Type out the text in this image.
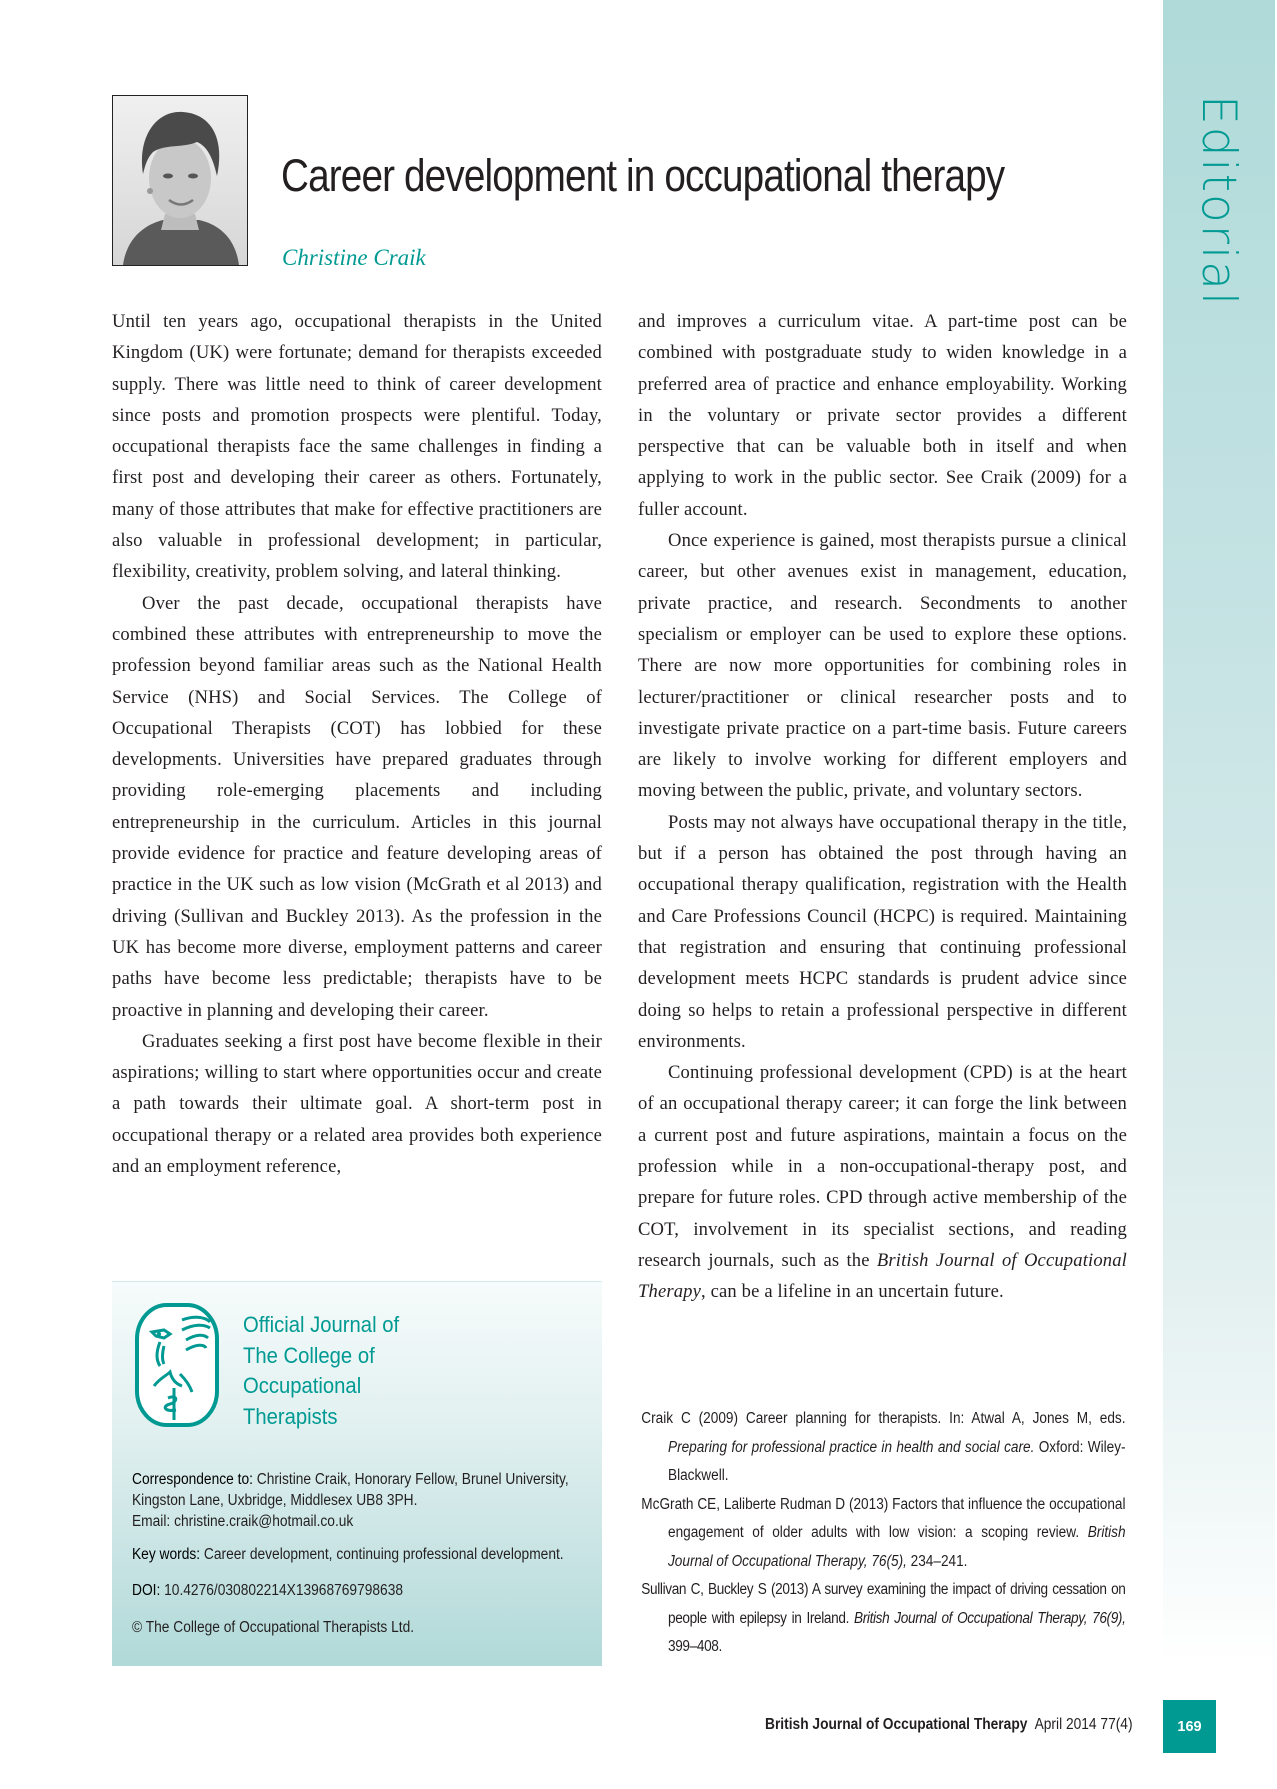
Editorial
Career development in occupational therapy
Christine Craik

Until ten years ago, occupational therapists in the United Kingdom (UK) were fortunate; demand for therapists exceeded supply. There was little need to think of career development since posts and promotion prospects were plentiful. Today, occupational therapists face the same challenges in finding a first post and developing their career as others. Fortunately, many of those attributes that make for effective practitioners are also valuable in professional development; in particular, flexibility, creativity, problem solving, and lateral thinking.

Over the past decade, occupational therapists have combined these attributes with entrepreneurship to move the profession beyond familiar areas such as the National Health Service (NHS) and Social Services. The College of Occupational Therapists (COT) has lobbied for these developments. Universities have prepared graduates through providing role-emerging placements and including entrepreneurship in the curriculum. Articles in this journal provide evidence for practice and feature developing areas of practice in the UK such as low vision (McGrath et al 2013) and driving (Sullivan and Buckley 2013). As the profession in the UK has become more diverse, employment patterns and career paths have become less predictable; therapists have to be proactive in planning and developing their career.

Graduates seeking a first post have become flexible in their aspirations; willing to start where opportunities occur and create a path towards their ultimate goal. A short-term post in occupational therapy or a related area provides both experience and an employment reference,

and improves a curriculum vitae. A part-time post can be combined with postgraduate study to widen knowledge in a preferred area of practice and enhance employability. Working in the voluntary or private sector provides a different perspective that can be valuable both in itself and when applying to work in the public sector. See Craik (2009) for a fuller account.

Once experience is gained, most therapists pursue a clinical career, but other avenues exist in management, education, private practice, and research. Secondments to another specialism or employer can be used to explore these options. There are now more opportunities for combining roles in lecturer/practitioner or clinical researcher posts and to investigate private practice on a part-time basis. Future careers are likely to involve working for different employers and moving between the public, private, and voluntary sectors.

Posts may not always have occupational therapy in the title, but if a person has obtained the post through having an occupational therapy qualification, registration with the Health and Care Professions Council (HCPC) is required. Maintaining that registration and ensuring that continuing professional development meets HCPC standards is prudent advice since doing so helps to retain a professional perspective in different environments.

Continuing professional development (CPD) is at the heart of an occupational therapy career; it can forge the link between a current post and future aspirations, maintain a focus on the profession while in a non-occupational-therapy post, and prepare for future roles. CPD through active membership of the COT, involvement in its specialist sections, and reading research journals, such as the British Journal of Occupational Therapy, can be a lifeline in an uncertain future.

Official Journal of
The College of
Occupational
Therapists
Correspondence to: Christine Craik, Honorary Fellow, Brunel University,
Kingston Lane, Uxbridge, Middlesex UB8 3PH.
Email: christine.craik@hotmail.co.uk
Key words: Career development, continuing professional development.
DOI: 10.4276/030802214X13968769798638
© The College of Occupational Therapists Ltd.
Craik C (2009) Career planning for therapists. In: Atwal A, Jones M, eds. Preparing for professional practice in health and social care. Oxford: Wiley-Blackwell.
McGrath CE, Laliberte Rudman D (2013) Factors that influence the occupational engagement of older adults with low vision: a scoping review. British Journal of Occupational Therapy, 76(5), 234–241.
Sullivan C, Buckley S (2013) A survey examining the impact of driving cessation on people with epilepsy in Ireland. British Journal of Occupational Therapy, 76(9), 399–408.
British Journal of Occupational Therapy April 2014 77(4)	169
